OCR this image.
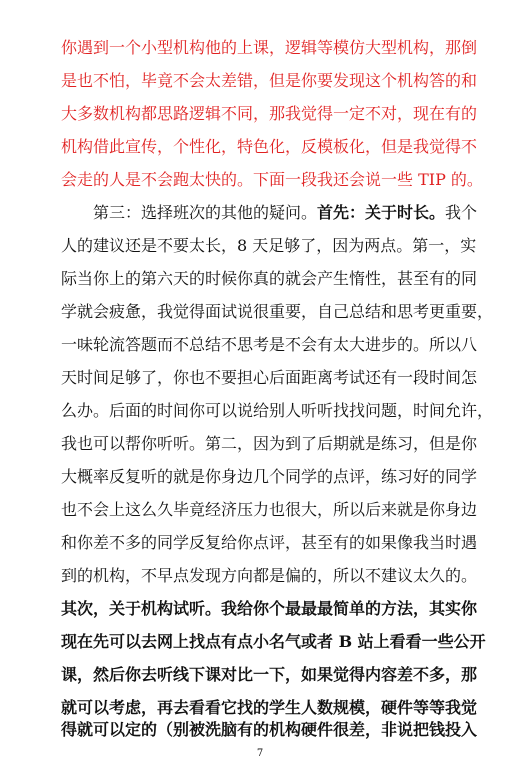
你遇到一个小型机构他的上课，逻辑等模仿大型机构，那倒
是也不怕，毕竟不会太差错，但是你要发现这个机构答的和
大多数机构都思路逻辑不同，那我觉得一定不对，现在有的
机构借此宣传，个性化，特色化，反模板化，但是我觉得不
会走的人是不会跑太快的。下面一段我还会说一些 TIP 的。
第三：选择班次的其他的疑问。首先：关于时长。我个
人的建议还是不要太长，8 天足够了，因为两点。第一，实
际当你上的第六天的时候你真的就会产生惰性，甚至有的同
学就会疲惫，我觉得面试说很重要，自己总结和思考更重要，
一味轮流答题而不总结不思考是不会有太大进步的。所以八
天时间足够了，你也不要担心后面距离考试还有一段时间怎
么办。后面的时间你可以说给别人听听找找问题，时间允许，
我也可以帮你听听。第二，因为到了后期就是练习，但是你
大概率反复听的就是你身边几个同学的点评，练习好的同学
也不会上这么久毕竟经济压力也很大，所以后来就是你身边
和你差不多的同学反复给你点评，甚至有的如果像我当时遇
到的机构，不早点发现方向都是偏的，所以不建议太久的。
其次，关于机构试听。我给你个最最最简单的方法，其实你
现在先可以去网上找点有点小名气或者 B 站上看看一些公开
课，然后你去听线下课对比一下，如果觉得内容差不多，那
就可以考虑，再去看看它找的学生人数规模，硬件等等我觉
得就可以定的（别被洗脑有的机构硬件很差，非说把钱投入
7
